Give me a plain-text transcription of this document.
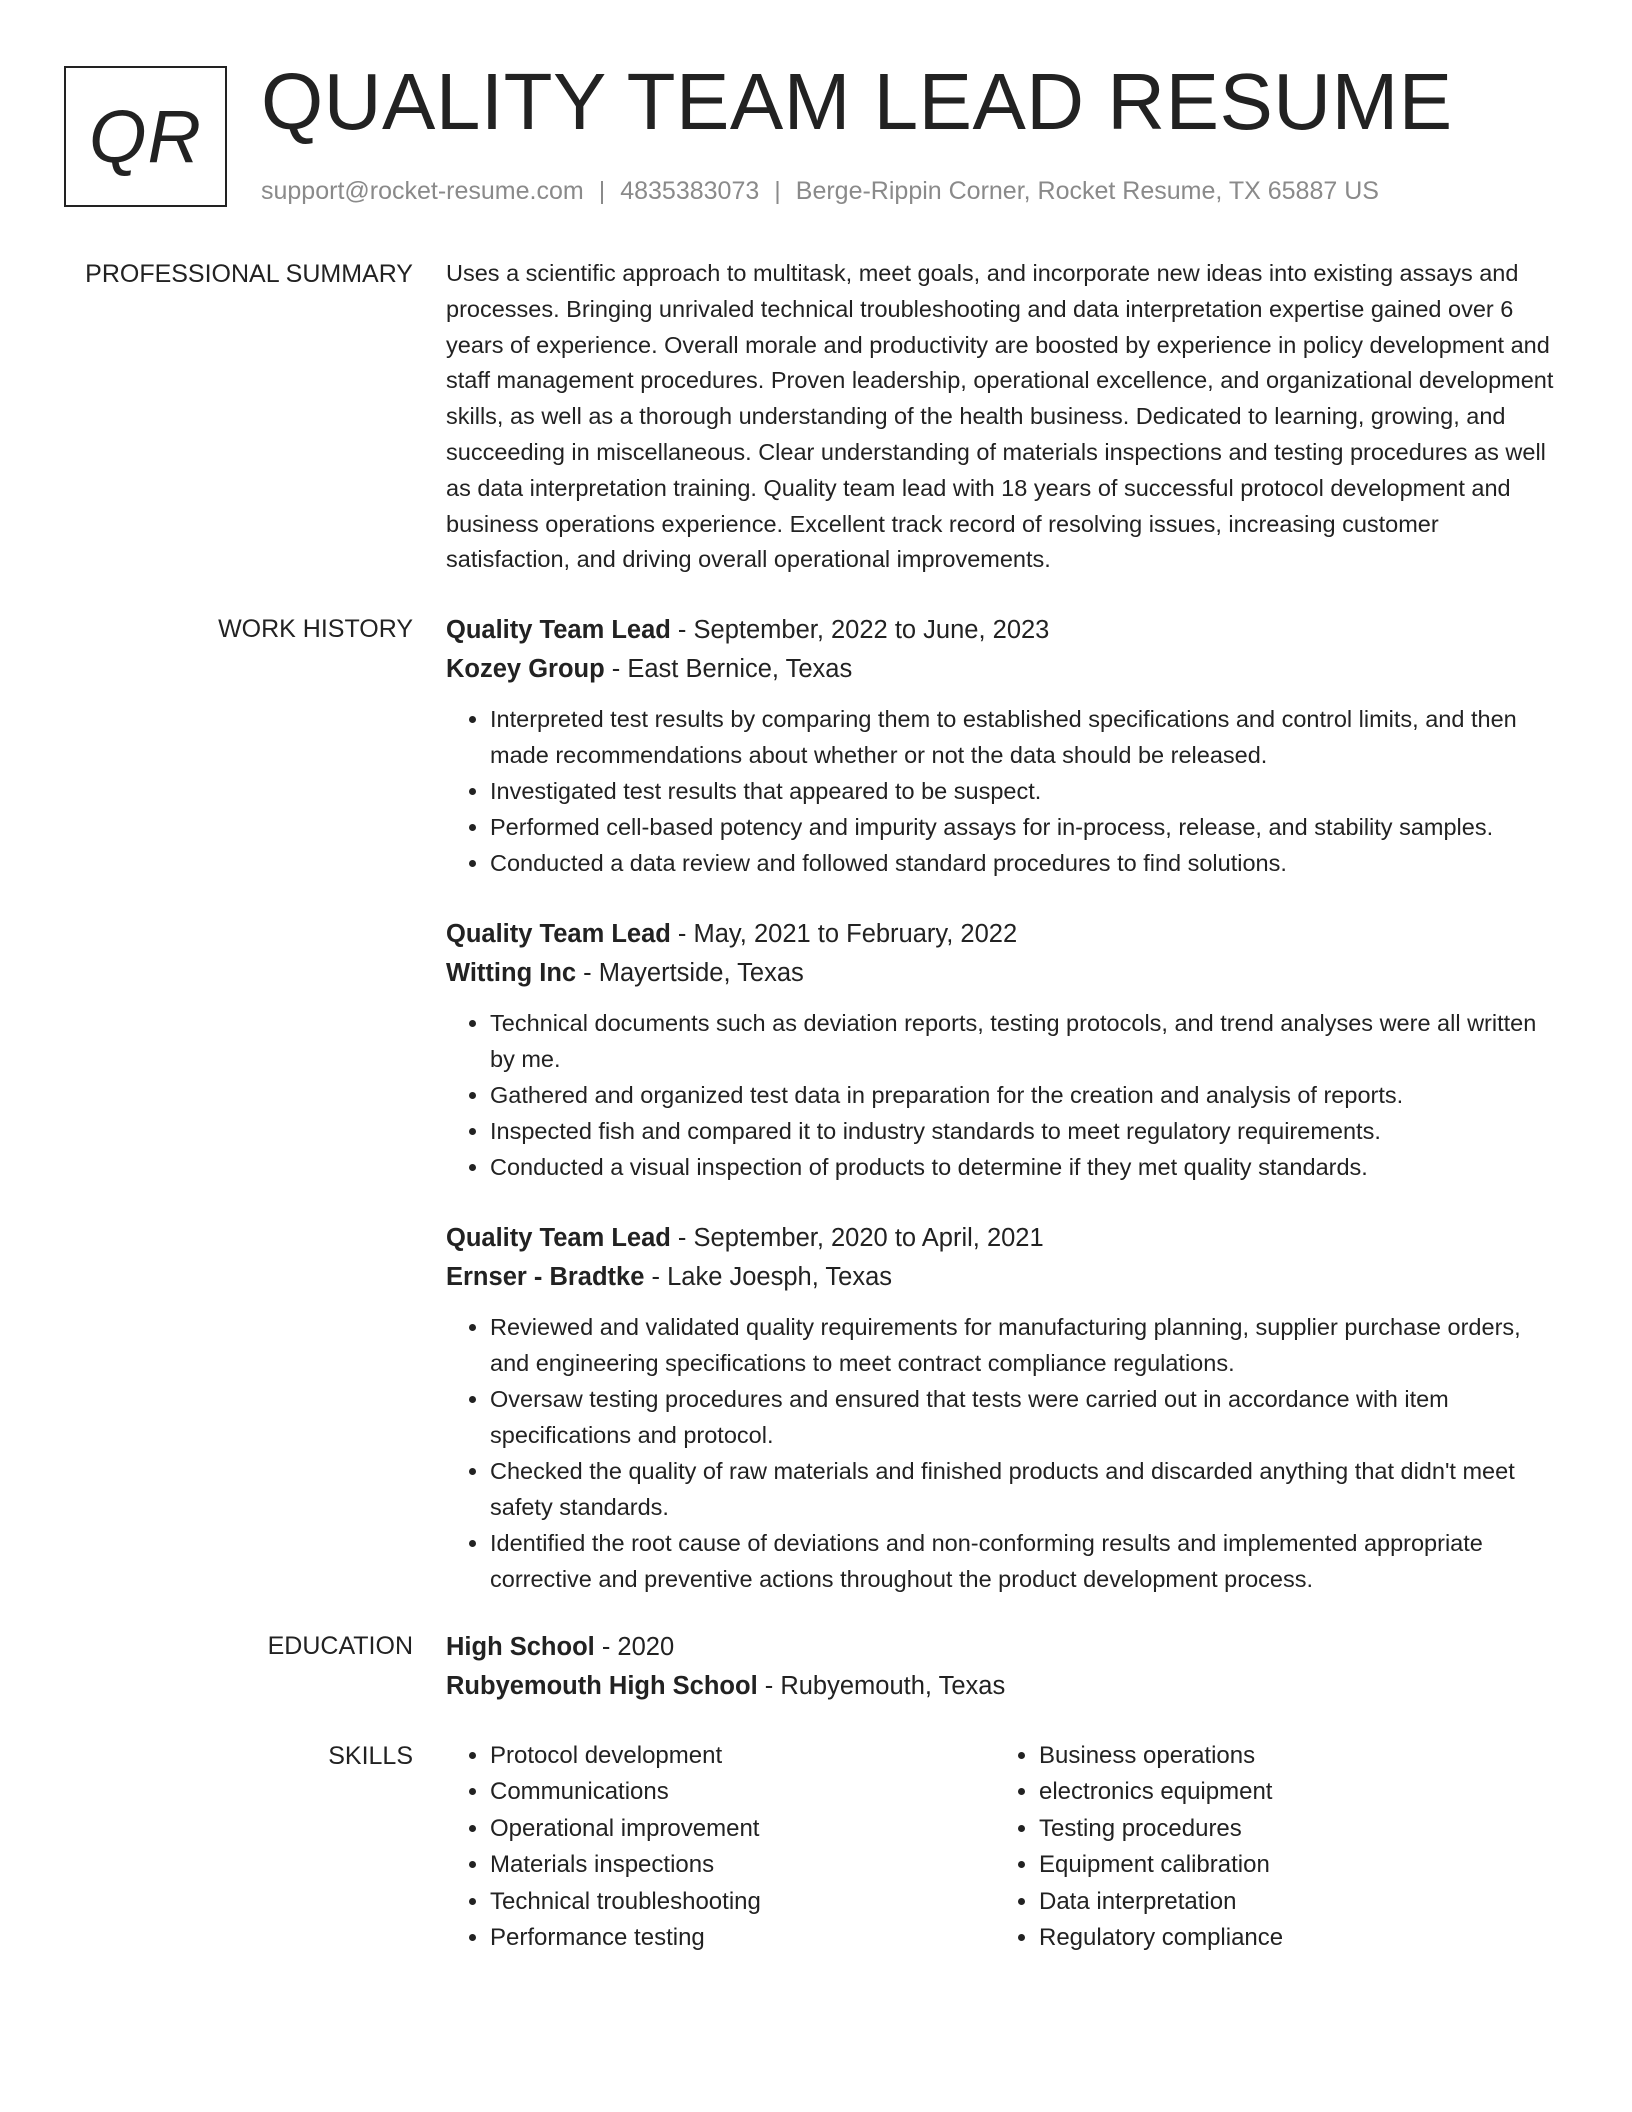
QR QUALITY TEAM LEAD RESUME
support@rocket-resume.com | 4835383073 | Berge-Rippin Corner, Rocket Resume, TX 65887 US
PROFESSIONAL SUMMARY Uses a scientific approach to multitask, meet goals, and incorporate new ideas into existing assays and processes. Bringing unrivaled technical troubleshooting and data interpretation expertise gained over 6 years of experience. Overall morale and productivity are boosted by experience in policy development and staff management procedures. Proven leadership, operational excellence, and organizational development skills, as well as a thorough understanding of the health business. Dedicated to learning, growing, and succeeding in miscellaneous. Clear understanding of materials inspections and testing procedures as well as data interpretation training. Quality team lead with 18 years of successful protocol development and business operations experience. Excellent track record of resolving issues, increasing customer satisfaction, and driving overall operational improvements.

WORK HISTORY Quality Team Lead - September, 2022 to June, 2023
Kozey Group - East Bernice, Texas
• Interpreted test results by comparing them to established specifications and control limits, and then made recommendations about whether or not the data should be released.
• Investigated test results that appeared to be suspect.
• Performed cell-based potency and impurity assays for in-process, release, and stability samples.
• Conducted a data review and followed standard procedures to find solutions.
Quality Team Lead - May, 2021 to February, 2022
Witting Inc - Mayertside, Texas
• Technical documents such as deviation reports, testing protocols, and trend analyses were all written by me.
• Gathered and organized test data in preparation for the creation and analysis of reports.
• Inspected fish and compared it to industry standards to meet regulatory requirements.
• Conducted a visual inspection of products to determine if they met quality standards.
Quality Team Lead - September, 2020 to April, 2021
Ernser - Bradtke - Lake Joesph, Texas
• Reviewed and validated quality requirements for manufacturing planning, supplier purchase orders, and engineering specifications to meet contract compliance regulations.
• Oversaw testing procedures and ensured that tests were carried out in accordance with item specifications and protocol.
• Checked the quality of raw materials and finished products and discarded anything that didn't meet safety standards.
• Identified the root cause of deviations and non-conforming results and implemented appropriate corrective and preventive actions throughout the product development process.
EDUCATION High School - 2020
Rubyemouth High School - Rubyemouth, Texas
SKILLS
•	Protocol development
• Communications
• Operational improvement
• Materials inspections
• Technical troubleshooting
• Performance testing
• Business operations
• electronics equipment
• Testing procedures
• Equipment calibration
• Data interpretation
• Regulatory compliance
